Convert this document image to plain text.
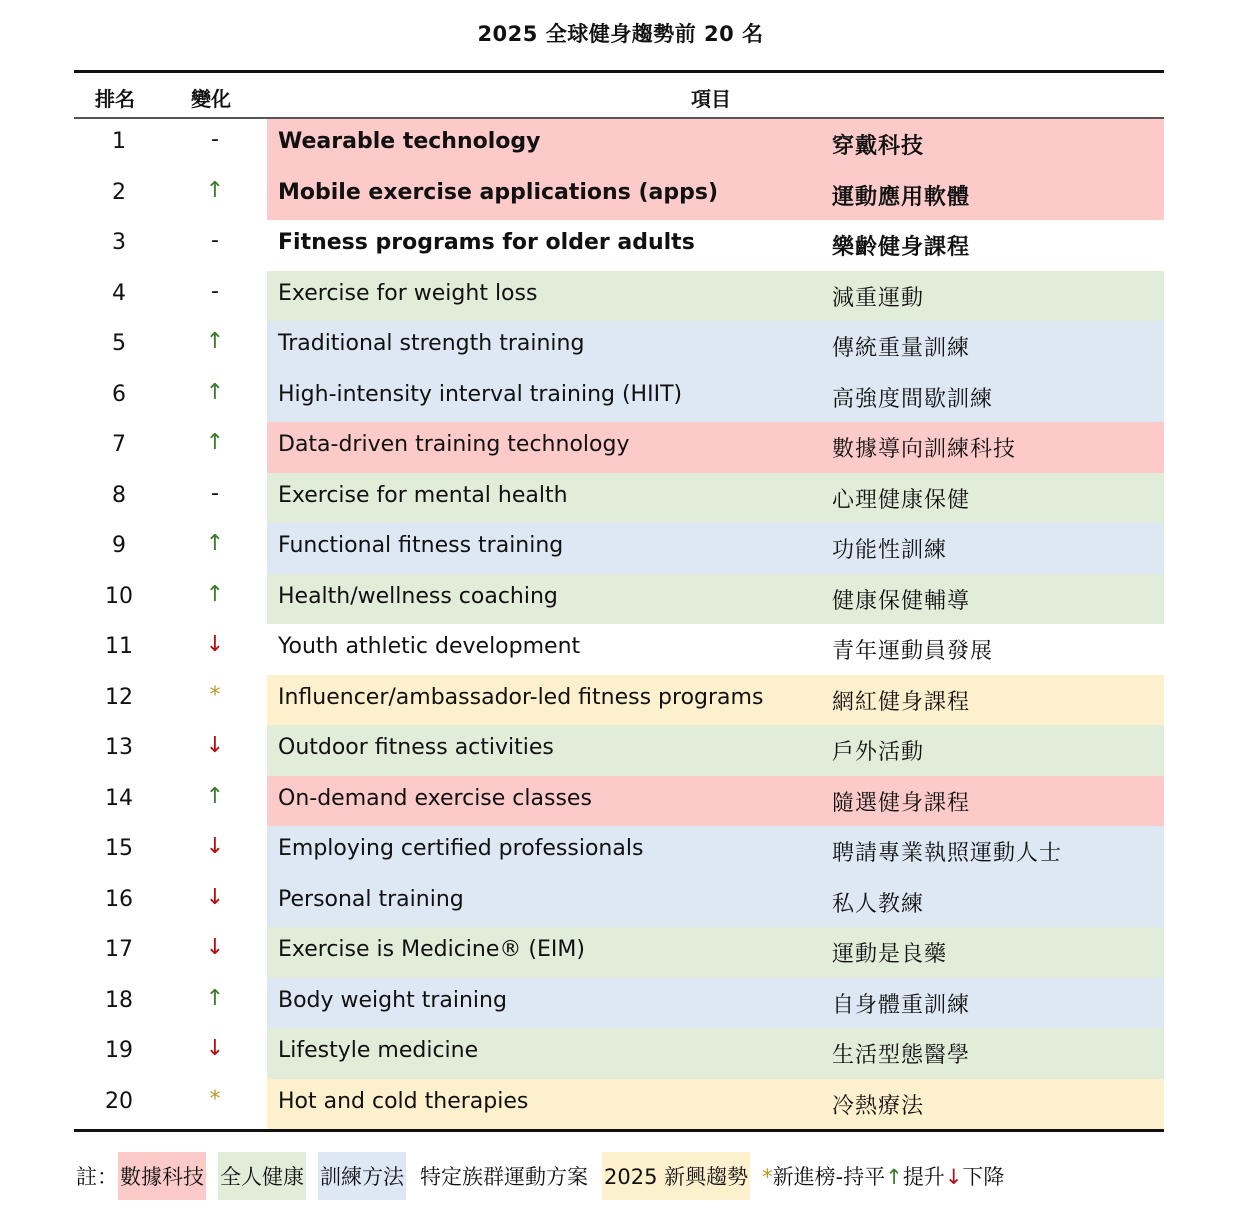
2025 全球健身趨勢前 20 名
排名	變化	項目
1	-	Wearable technology	穿戴科技
2	↑	Mobile exercise applications (apps)	運動應用軟體
3	-	Fitness programs for older adults	樂齡健身課程
4	-	Exercise for weight loss	減重運動
5	↑	Traditional strength training	傳統重量訓練
6	↑	High-intensity interval training (HIIT)	高強度間歇訓練
7	↑	Data-driven training technology	數據導向訓練科技
8	-	Exercise for mental health	心理健康保健
9	↑	Functional fitness training	功能性訓練
10	↑	Health/wellness coaching	健康保健輔導
11	↓	Youth athletic development	青年運動員發展
12	*	Influencer/ambassador-led fitness programs	網紅健身課程
13	↓	Outdoor fitness activities	戶外活動
14	↑	On-demand exercise classes	隨選健身課程
15	↓	Employing certified professionals	聘請專業執照運動人士
16	↓	Personal training	私人教練
17	↓	Exercise is Medicine® (EIM)	運動是良藥
18	↑	Body weight training	自身體重訓練
19	↓	Lifestyle medicine	生活型態醫學
20	*	Hot and cold therapies	冷熱療法
註： 數據科技 全人健康 訓練方法 特定族群運動方案 2025 新興趨勢 *新進榜-持平↑提升↓下降
